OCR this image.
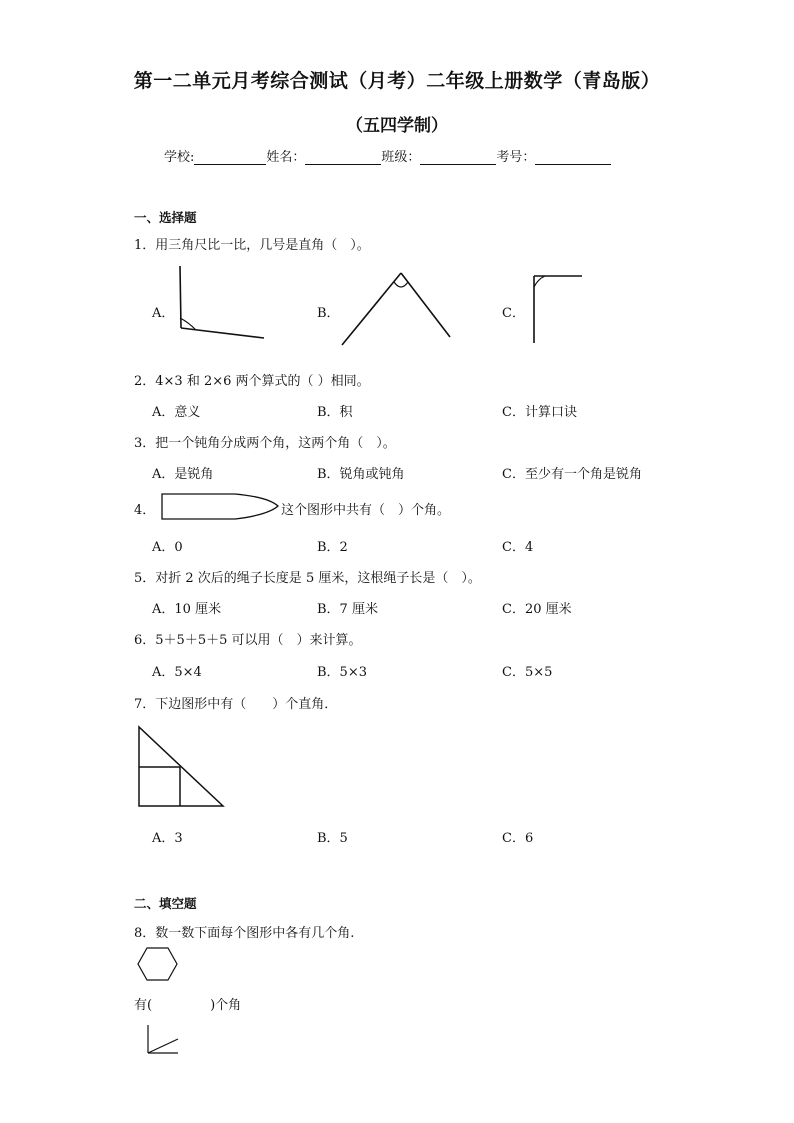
第一二单元月考综合测试（月考）二年级上册数学（青岛版）
（五四学制）
学校:	姓名：	班级：	考号：
一、选择题
1．用三角尺比一比，几号是直角（　）。
A．	B．	C．
2．4×3 和 2×6 两个算式的（ ）相同。
A．意义	B．积	C．计算口诀
3．把一个钝角分成两个角，这两个角（　）。
A．是锐角	B．锐角或钝角	C．至少有一个角是锐角
4．	这个图形中共有（　）个角。
A．0	B．2	C．4
5．对折 2 次后的绳子长度是 5 厘米，这根绳子长是（　）。
A．10 厘米	B．7 厘米	C．20 厘米
6．5＋5＋5＋5 可以用（　）来计算。
A．5×4	B．5×3	C．5×5
7．下边图形中有（　　）个直角．
A．3	B．5	C．6
二、填空题
8．数一数下面每个图形中各有几个角.
有(	)个角
